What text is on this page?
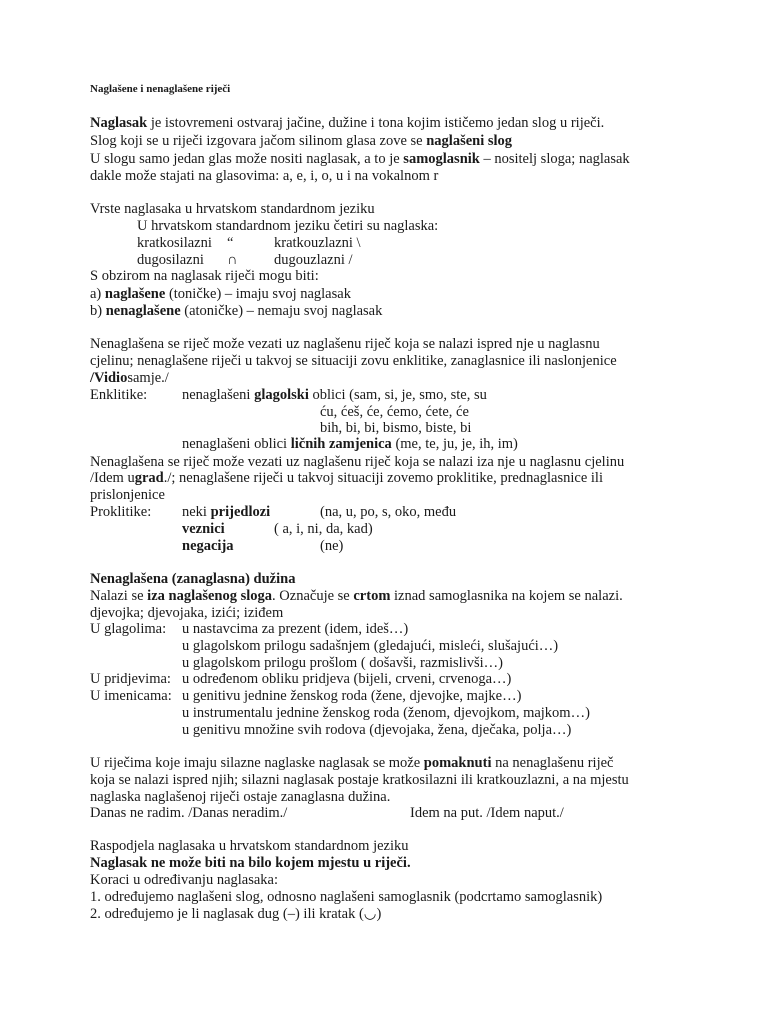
Naglašene i nenaglašene riječi
Naglasak je istovremeni ostvaraj jačine, dužine i tona kojim ističemo jedan slog u riječi.
Slog koji se u riječi izgovara jačom silinom glasa zove se naglašeni slog
U slogu samo jedan glas može nositi naglasak, a to je samoglasnik – nositelj sloga; naglasak
dakle može stajati na glasovima: a, e, i, o, u i na vokalnom r
Vrste naglasaka u hrvatskom standardnom jeziku
U hrvatskom standardnom jeziku četiri su naglaska:
kratkosilazni “	kratkouzlazni \
dugosilazni ∩	dugouzlazni /
S obzirom na naglasak riječi mogu biti:
a) naglašene (toničke) – imaju svoj naglasak
b) nenaglašene (atoničke) – nemaju svoj naglasak
Nenaglašena se riječ može vezati uz naglašenu riječ koja se nalazi ispred nje u naglasnu
cjelinu; nenaglašene riječi u takvoj se situaciji zovu enklitike, zanaglasnice ili naslonjenice
/Vidiosamje./
Enklitike: nenaglašeni glagolski oblici (sam, si, je, smo, ste, su
ću, ćeš, će, ćemo, ćete, će
bih, bi, bi, bismo, biste, bi
nenaglašeni oblici ličnih zamjenica (me, te, ju, je, ih, im)
Nenaglašena se riječ može vezati uz naglašenu riječ koja se nalazi iza nje u naglasnu cjelinu
/Idem ugrad./; nenaglašene riječi u takvoj situaciji zovemo proklitike, prednaglasnice ili
prislonjenice
Proklitike: neki prijedlozi	(na, u, po, s, oko, među
veznici	( a, i, ni, da, kad)
negacija	(ne)
Nenaglašena (zanaglasna) dužina
Nalazi se iza naglašenog sloga. Označuje se crtom iznad samoglasnika na kojem se nalazi.
djevojka; djevojaka, izići; iziđem
U glagolima: u nastavcima za prezent (idem, ideš…)
u glagolskom prilogu sadašnjem (gledajući, misleći, slušajući…)
u glagolskom prilogu prošlom ( došavši, razmislivši…)
U pridjevima: u određenom obliku pridjeva (bijeli, crveni, crvenoga…)
U imenicama: u genitivu jednine ženskog roda (žene, djevojke, majke…)
u instrumentalu jednine ženskog roda (ženom, djevojkom, majkom…)
u genitivu množine svih rodova (djevojaka, žena, dječaka, polja…)
U riječima koje imaju silazne naglaske naglasak se može pomaknuti na nenaglašenu riječ
koja se nalazi ispred njih; silazni naglasak postaje kratkosilazni ili kratkouzlazni, a na mjestu
naglaska naglašenoj riječi ostaje zanaglasna dužina.
Danas ne radim. /Danas neradim./	Idem na put. /Idem naput./
Raspodjela naglasaka u hrvatskom standardnom jeziku
Naglasak ne može biti na bilo kojem mjestu u riječi.
Koraci u određivanju naglasaka:
1. određujemo naglašeni slog, odnosno naglašeni samoglasnik (podcrtamo samoglasnik)
2. određujemo je li naglasak dug (–) ili kratak (◡)
